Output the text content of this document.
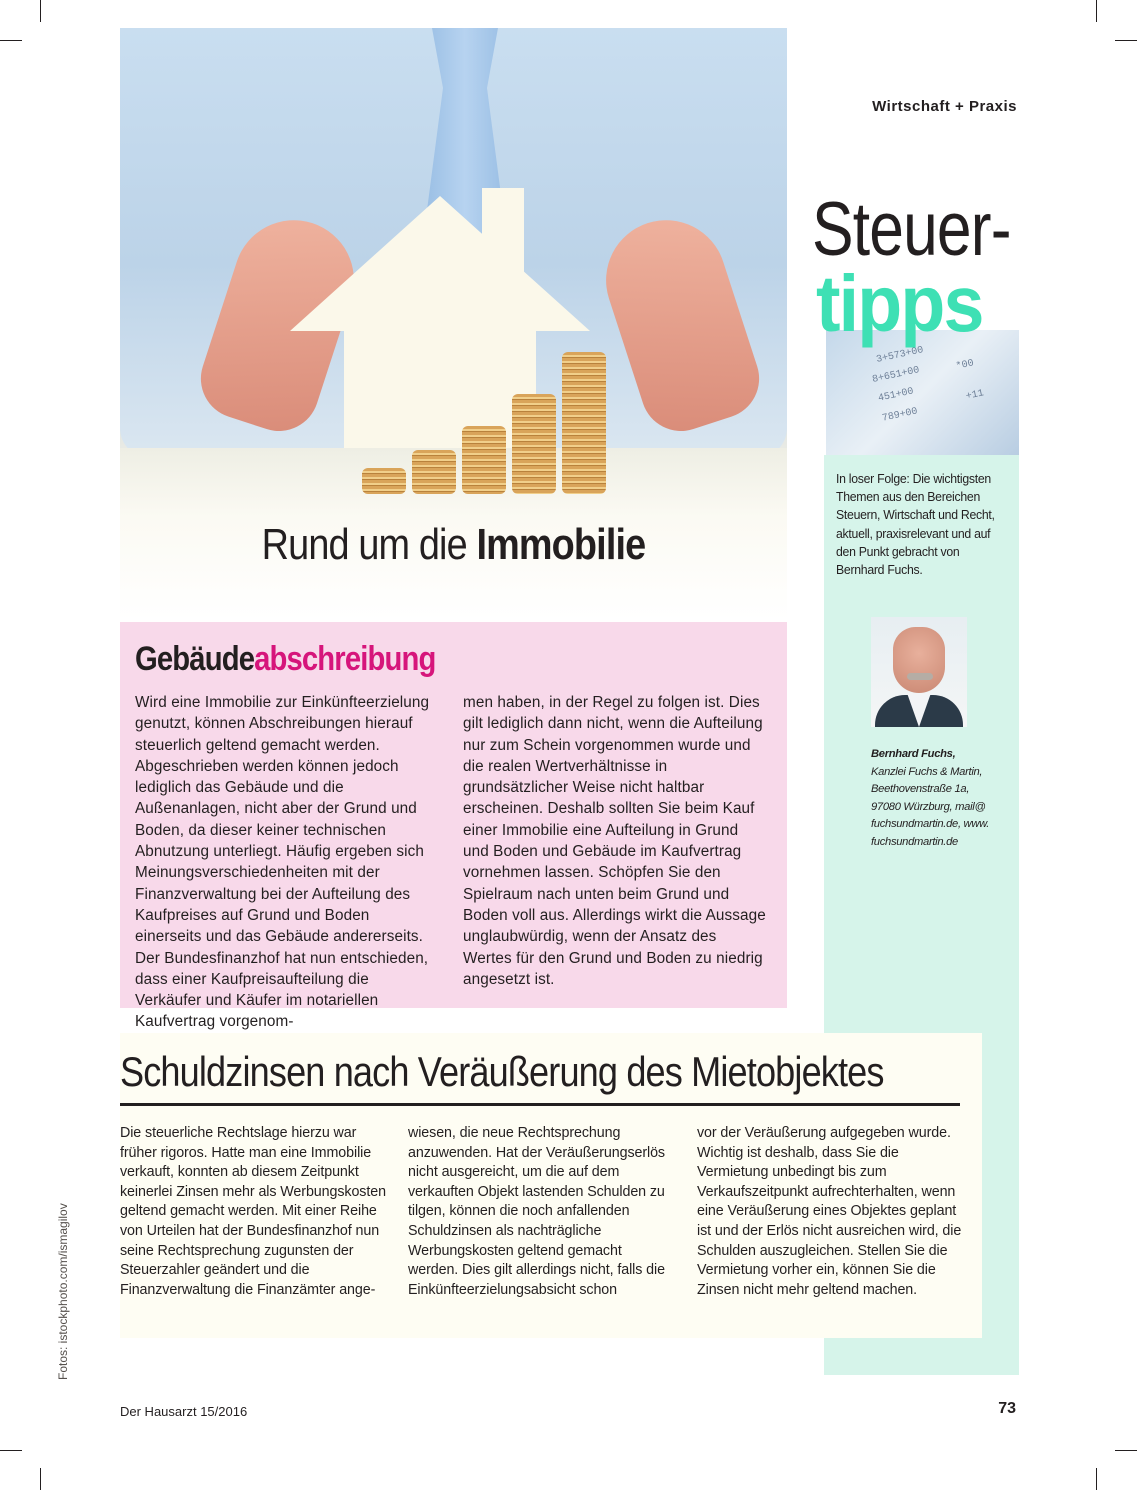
Wirtschaft + Praxis
3+573+00
8+651+00
451+00
789+00
*00
+11
Steuer-
tipps
In loser Folge: Die wichtigsten Themen aus den Bereichen Steuern, Wirtschaft und Recht, aktuell, praxisrelevant und auf den Punkt gebracht von Bernhard Fuchs.
Bernhard Fuchs,
Kanzlei Fuchs & Martin, Beethovenstraße 1a, 97080 Würzburg, mail@ fuchsundmartin.de, www. fuchsundmartin.de
Rund um die Immobilie
Gebäudeabschreibung
Wird eine Immobilie zur Einkünfteerzielung genutzt, können Abschreibungen hierauf steuerlich geltend gemacht werden. Abgeschrieben werden können jedoch lediglich das Gebäude und die Außenanlagen, nicht aber der Grund und Boden, da dieser keiner technischen Abnutzung unterliegt. Häufig ergeben sich Meinungsverschiedenheiten mit der Finanzverwaltung bei der Aufteilung des Kaufpreises auf Grund und Boden einerseits und das Gebäude andererseits. Der Bundesfinanzhof hat nun entschieden, dass einer Kaufpreisaufteilung die Verkäufer und Käufer im notariellen Kaufvertrag vorgenom-
men haben, in der Regel zu folgen ist. Dies gilt lediglich dann nicht, wenn die Aufteilung nur zum Schein vorgenommen wurde und die realen Wertverhältnisse in grundsätzlicher Weise nicht haltbar erscheinen. Deshalb sollten Sie beim Kauf einer Immobilie eine Aufteilung in Grund und Boden und Gebäude im Kaufvertrag vornehmen lassen. Schöpfen Sie den Spielraum nach unten beim Grund und Boden voll aus. Allerdings wirkt die Aussage unglaubwürdig, wenn der Ansatz des Wertes für den Grund und Boden zu niedrig angesetzt ist.
Schuldzinsen nach Veräußerung des Mietobjektes
Die steuerliche Rechtslage hierzu war früher rigoros. Hatte man eine Immobilie verkauft, konnten ab diesem Zeitpunkt keinerlei Zinsen mehr als Werbungskosten geltend gemacht werden. Mit einer Reihe von Urteilen hat der Bundesfinanzhof nun seine Rechtsprechung zugunsten der Steuerzahler geändert und die Finanzverwaltung die Finanzämter ange-
wiesen, die neue Rechtsprechung anzuwenden. Hat der Veräußerungserlös nicht ausgereicht, um die auf dem verkauften Objekt lastenden Schulden zu tilgen, können die noch anfallenden Schuldzinsen als nachträgliche Werbungskosten geltend gemacht werden. Dies gilt allerdings nicht, falls die Einkünfteerzielungsabsicht schon
vor der Veräußerung aufgegeben wurde. Wichtig ist deshalb, dass Sie die Vermietung unbedingt bis zum Verkaufszeitpunkt aufrechterhalten, wenn eine Veräußerung eines Objektes geplant ist und der Erlös nicht ausreichen wird, die Schulden auszugleichen. Stellen Sie die Vermietung vorher ein, können Sie die Zinsen nicht mehr geltend machen.
Fotos: istockphoto.com/ismagilov
Der Hausarzt 15/2016	73
